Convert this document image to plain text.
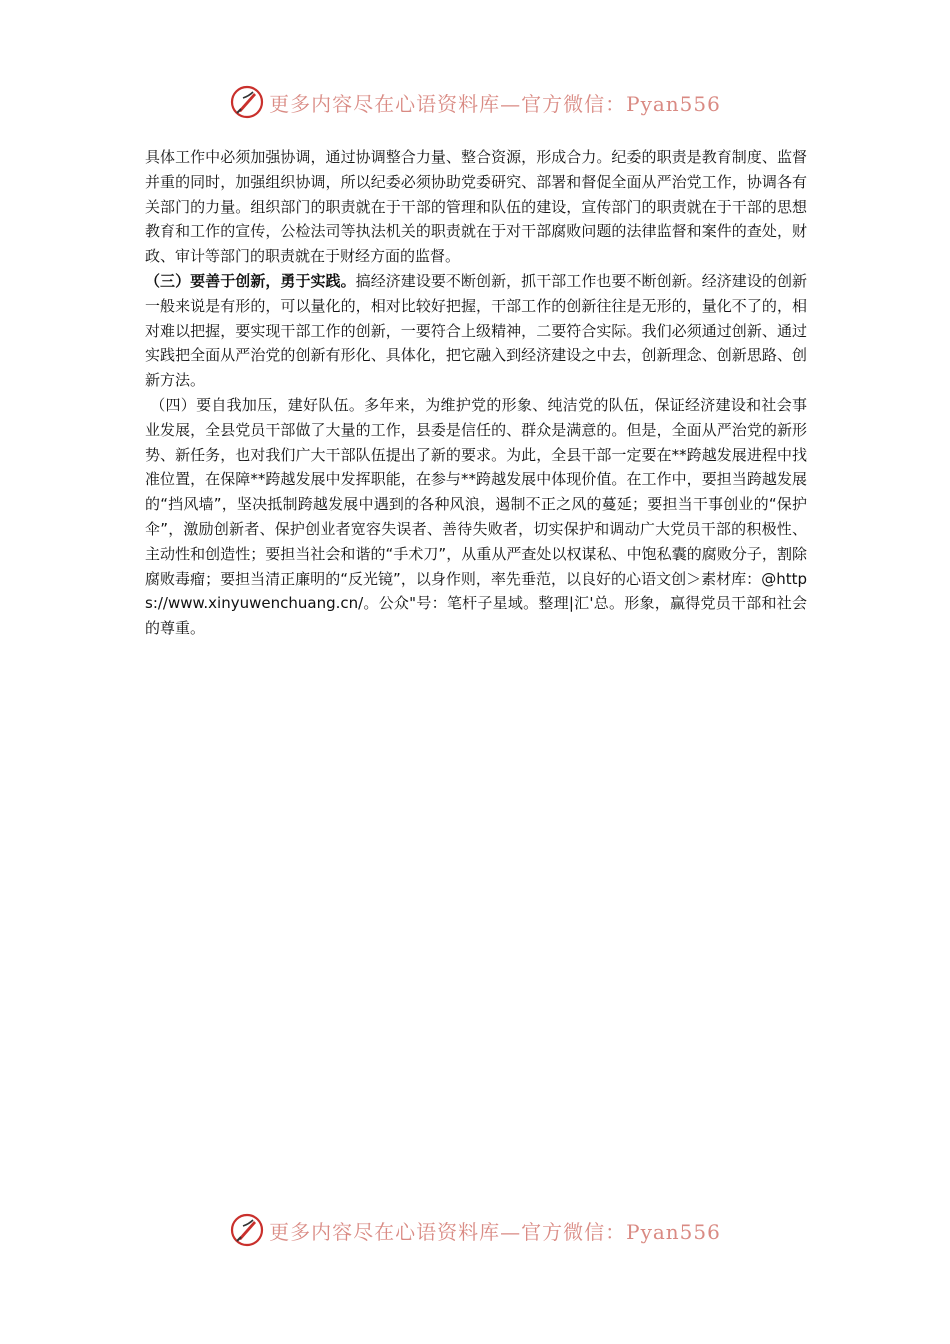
更多内容尽在心语资料库—官方微信：Pyan556

具体工作中必须加强协调，通过协调整合力量、整合资源，形成合力。纪委的职责是教育制度、监督并重的同时，加强组织协调，所以纪委必须协助党委研究、部署和督促全面从严治党工作，协调各有关部门的力量。组织部门的职责就在于干部的管理和队伍的建设，宣传部门的职责就在于干部的思想教育和工作的宣传，公检法司等执法机关的职责就在于对干部腐败问题的法律监督和案件的查处，财政、审计等部门的职责就在于财经方面的监督。

（三）要善于创新，勇于实践。搞经济建设要不断创新，抓干部工作也要不断创新。经济建设的创新一般来说是有形的，可以量化的，相对比较好把握，干部工作的创新往往是无形的，量化不了的，相对难以把握，要实现干部工作的创新，一要符合上级精神，二要符合实际。我们必须通过创新、通过实践把全面从严治党的创新有形化、具体化，把它融入到经济建设之中去，创新理念、创新思路、创新方法。

（四）要自我加压，建好队伍。多年来，为维护党的形象、纯洁党的队伍，保证经济建设和社会事业发展，全县党员干部做了大量的工作，县委是信任的、群众是满意的。但是，全面从严治党的新形势、新任务，也对我们广大干部队伍提出了新的要求。为此，全县干部一定要在**跨越发展进程中找准位置，在保障**跨越发展中发挥职能，在参与**跨越发展中体现价值。在工作中，要担当跨越发展的“挡风墙”，坚决抵制跨越发展中遇到的各种风浪，遏制不正之风的蔓延；要担当干事创业的“保护伞”，激励创新者、保护创业者宽容失误者、善待失败者，切实保护和调动广大党员干部的积极性、主动性和创造性；要担当社会和谐的“手术刀”，从重从严查处以权谋私、中饱私囊的腐败分子，割除腐败毒瘤；要担当清正廉明的“反光镜”，以身作则，率先垂范，以良好的心语文创＞素材库：@https://www.xinyuwenchuang.cn/。公众"号：笔杆子星域。整理|汇'总。形象，赢得党员干部和社会的尊重。

更多内容尽在心语资料库—官方微信：Pyan556
